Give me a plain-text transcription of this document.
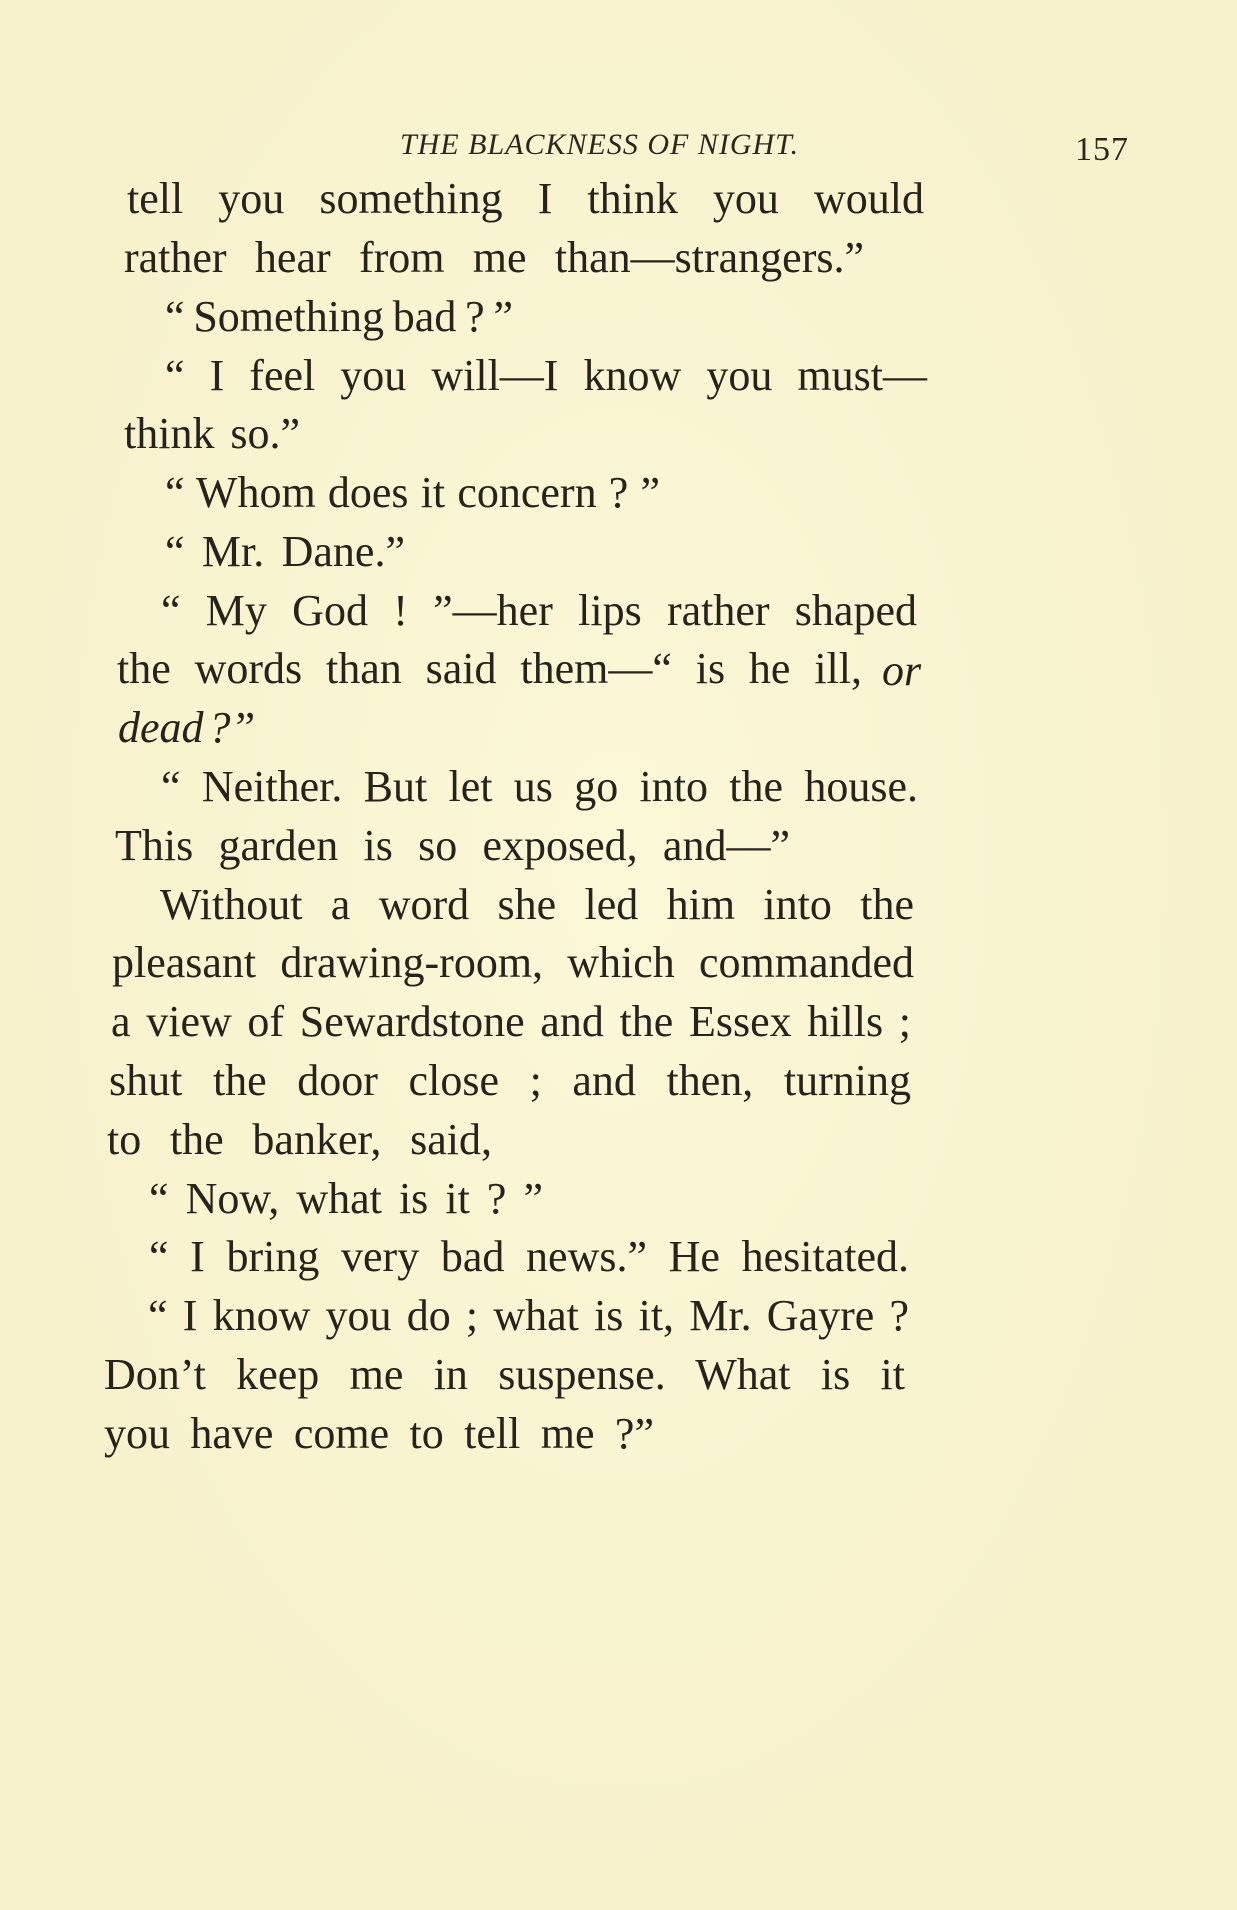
THE BLACKNESS OF NIGHT.	157
tell you something I think you would
rather hear from me than—strangers.”
“ Something bad ? ”
“ I feel you will—I know you must—
think so.”
“ Whom does it concern ? ”
“ Mr. Dane.”
“ My God ! ”—her lips rather shaped
the words than said them—“ is he ill, or
dead ? ”
“ Neither. But let us go into the house.
This garden is so exposed, and—”
Without a word she led him into the
pleasant drawing-room, which commanded
a view of Sewardstone and the Essex hills ;
shut the door close ; and then, turning
to the banker, said,
“ Now, what is it ? ”
“ I bring very bad news.” He hesitated.
“ I know you do ; what is it, Mr. Gayre ?
Don’t keep me in suspense. What is it
you have come to tell me ?”
